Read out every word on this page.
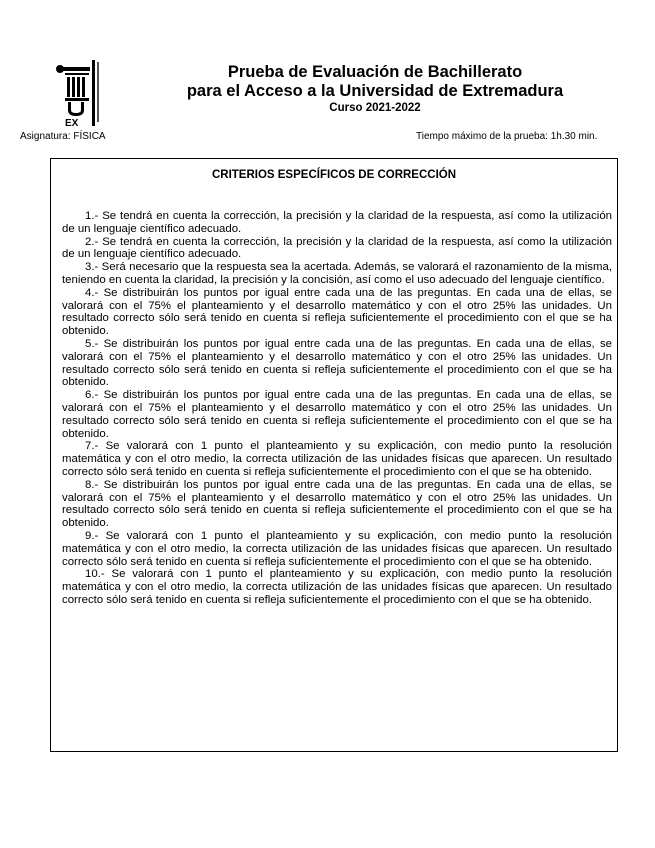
EX
Prueba de Evaluación de Bachillerato
para el Acceso a la Universidad de Extremadura
Curso 2021-2022
Asignatura: FÍSICA	Tiempo máximo de la prueba: 1h.30 min.
CRITERIOS ESPECÍFICOS DE CORRECCIÓN

1.- Se tendrá en cuenta la corrección, la precisión y la claridad de la respuesta, así como la utilización de un lenguaje científico adecuado.

2.- Se tendrá en cuenta la corrección, la precisión y la claridad de la respuesta, así como la utilización de un lenguaje científico adecuado.

3.- Será necesario que la respuesta sea la acertada. Además, se valorará el razonamiento de la misma, teniendo en cuenta la claridad, la precisión y la concisión, así como el uso adecuado del lenguaje científico.

4.- Se distribuirán los puntos por igual entre cada una de las preguntas. En cada una de ellas, se valorará con el 75% el planteamiento y el desarrollo matemático y con el otro 25% las unidades. Un resultado correcto sólo será tenido en cuenta si refleja suficientemente el procedimiento con el que se ha obtenido.

5.- Se distribuirán los puntos por igual entre cada una de las preguntas. En cada una de ellas, se valorará con el 75% el planteamiento y el desarrollo matemático y con el otro 25% las unidades. Un resultado correcto sólo será tenido en cuenta si refleja suficientemente el procedimiento con el que se ha obtenido.

6.- Se distribuirán los puntos por igual entre cada una de las preguntas. En cada una de ellas, se valorará con el 75% el planteamiento y el desarrollo matemático y con el otro 25% las unidades. Un resultado correcto sólo será tenido en cuenta si refleja suficientemente el procedimiento con el que se ha obtenido.

7.- Se valorará con 1 punto el planteamiento y su explicación, con medio punto la resolución matemática y con el otro medio, la correcta utilización de las unidades físicas que aparecen. Un resultado correcto sólo será tenido en cuenta si refleja suficientemente el procedimiento con el que se ha obtenido.

8.- Se distribuirán los puntos por igual entre cada una de las preguntas. En cada una de ellas, se valorará con el 75% el planteamiento y el desarrollo matemático y con el otro 25% las unidades. Un resultado correcto sólo será tenido en cuenta si refleja suficientemente el procedimiento con el que se ha obtenido.

9.- Se valorará con 1 punto el planteamiento y su explicación, con medio punto la resolución matemática y con el otro medio, la correcta utilización de las unidades físicas que aparecen. Un resultado correcto sólo será tenido en cuenta si refleja suficientemente el procedimiento con el que se ha obtenido.

10.- Se valorará con 1 punto el planteamiento y su explicación, con medio punto la resolución matemática y con el otro medio, la correcta utilización de las unidades físicas que aparecen. Un resultado correcto sólo será tenido en cuenta si refleja suficientemente el procedimiento con el que se ha obtenido.
